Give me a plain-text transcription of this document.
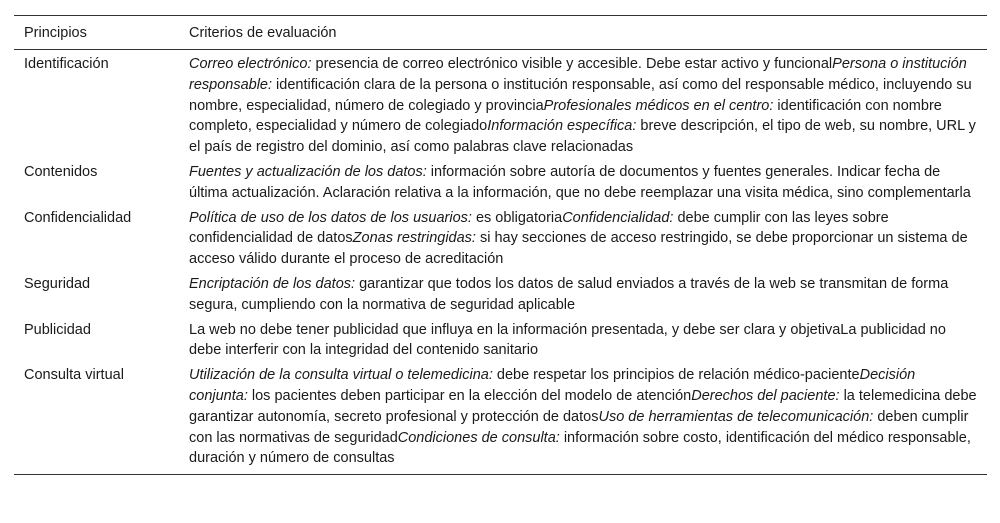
Principios	Criterios de evaluación
Identificación	Correo electrónico: presencia de correo electrónico visible y accesible. Debe estar activo y funcionalPersona o institución responsable: identificación clara de la persona o institución responsable, así como del responsable médico, incluyendo su nombre, especialidad, número de colegiado y provinciaProfesionales médicos en el centro: identificación con nombre completo, especialidad y número de colegiadoInformación específica: breve descripción, el tipo de web, su nombre, URL y el país de registro del dominio, así como palabras clave relacionadas
Contenidos	Fuentes y actualización de los datos: información sobre autoría de documentos y fuentes generales. Indicar fecha de última actualización. Aclaración relativa a la información, que no debe reemplazar una visita médica, sino complementarla
Confidencialidad	Política de uso de los datos de los usuarios: es obligatoriaConfidencialidad: debe cumplir con las leyes sobre confidencialidad de datosZonas restringidas: si hay secciones de acceso restringido, se debe proporcionar un sistema de acceso válido durante el proceso de acreditación
Seguridad	Encriptación de los datos: garantizar que todos los datos de salud enviados a través de la web se transmitan de forma segura, cumpliendo con la normativa de seguridad aplicable
Publicidad	La web no debe tener publicidad que influya en la información presentada, y debe ser clara y objetivaLa publicidad no debe interferir con la integridad del contenido sanitario
Consulta virtual	Utilización de la consulta virtual o telemedicina: debe respetar los principios de relación médico-pacienteDecisión conjunta: los pacientes deben participar en la elección del modelo de atenciónDerechos del paciente: la telemedicina debe garantizar autonomía, secreto profesional y protección de datosUso de herramientas de telecomunicación: deben cumplir con las normativas de seguridadCondiciones de consulta: información sobre costo, identificación del médico responsable, duración y número de consultas
